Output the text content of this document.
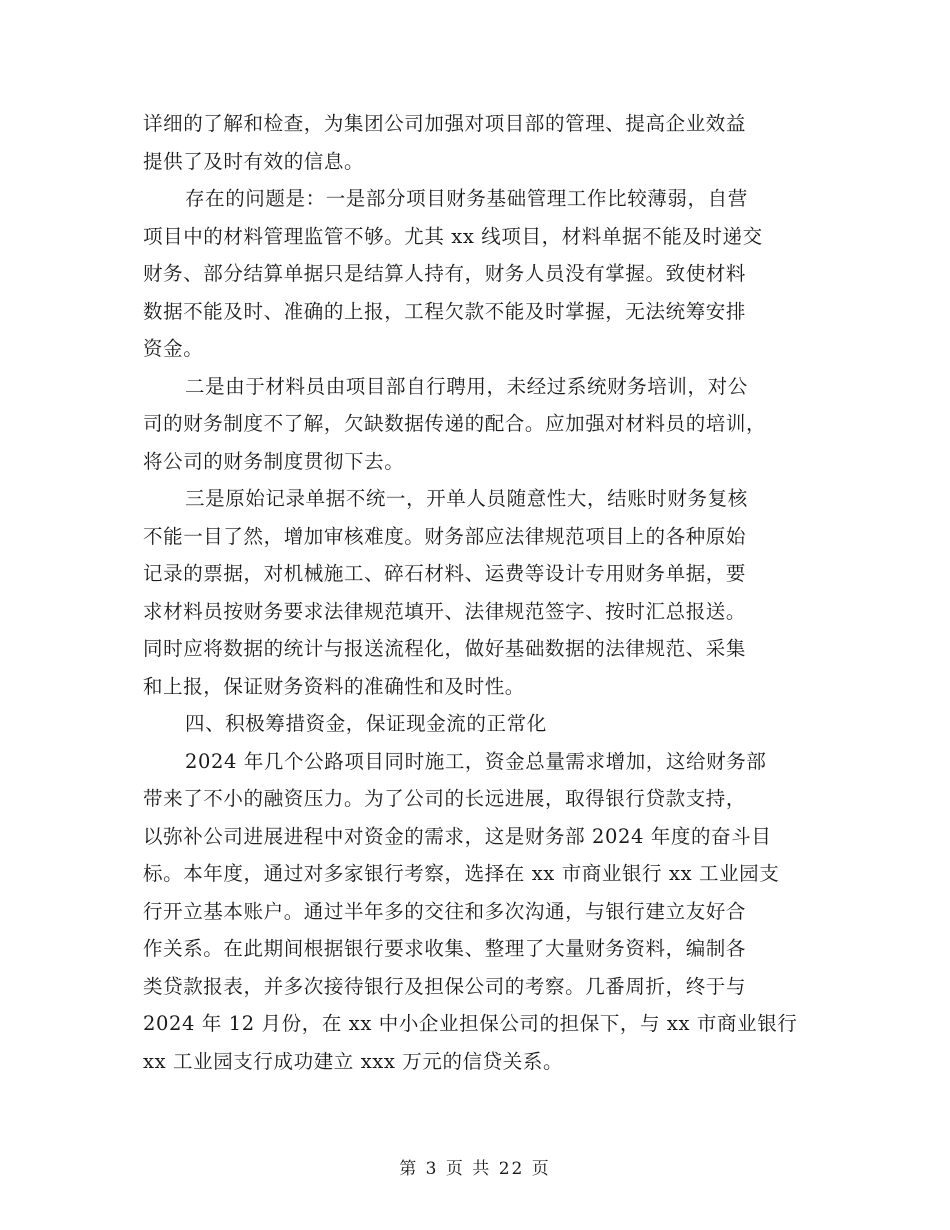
详细的了解和检查，为集团公司加强对项目部的管理、提高企业效益
提供了及时有效的信息。
存在的问题是：一是部分项目财务基础管理工作比较薄弱，自营
项目中的材料管理监管不够。尤其 xx 线项目，材料单据不能及时递交
财务、部分结算单据只是结算人持有，财务人员没有掌握。致使材料
数据不能及时、准确的上报，工程欠款不能及时掌握，无法统筹安排
资金。
二是由于材料员由项目部自行聘用，未经过系统财务培训，对公
司的财务制度不了解，欠缺数据传递的配合。应加强对材料员的培训，
将公司的财务制度贯彻下去。
三是原始记录单据不统一，开单人员随意性大，结账时财务复核
不能一目了然，增加审核难度。财务部应法律规范项目上的各种原始
记录的票据，对机械施工、碎石材料、运费等设计专用财务单据，要
求材料员按财务要求法律规范填开、法律规范签字、按时汇总报送。
同时应将数据的统计与报送流程化，做好基础数据的法律规范、采集
和上报，保证财务资料的准确性和及时性。
四、积极筹措资金，保证现金流的正常化
2024 年几个公路项目同时施工，资金总量需求增加，这给财务部
带来了不小的融资压力。为了公司的长远进展，取得银行贷款支持，
以弥补公司进展进程中对资金的需求，这是财务部 2024 年度的奋斗目
标。本年度，通过对多家银行考察，选择在 xx 市商业银行 xx 工业园支
行开立基本账户。通过半年多的交往和多次沟通，与银行建立友好合
作关系。在此期间根据银行要求收集、整理了大量财务资料，编制各
类贷款报表，并多次接待银行及担保公司的考察。几番周折，终于与
2024 年 12 月份，在 xx 中小企业担保公司的担保下，与 xx 市商业银行
xx 工业园支行成功建立 xxx 万元的信贷关系。
第 3 页 共 22 页
